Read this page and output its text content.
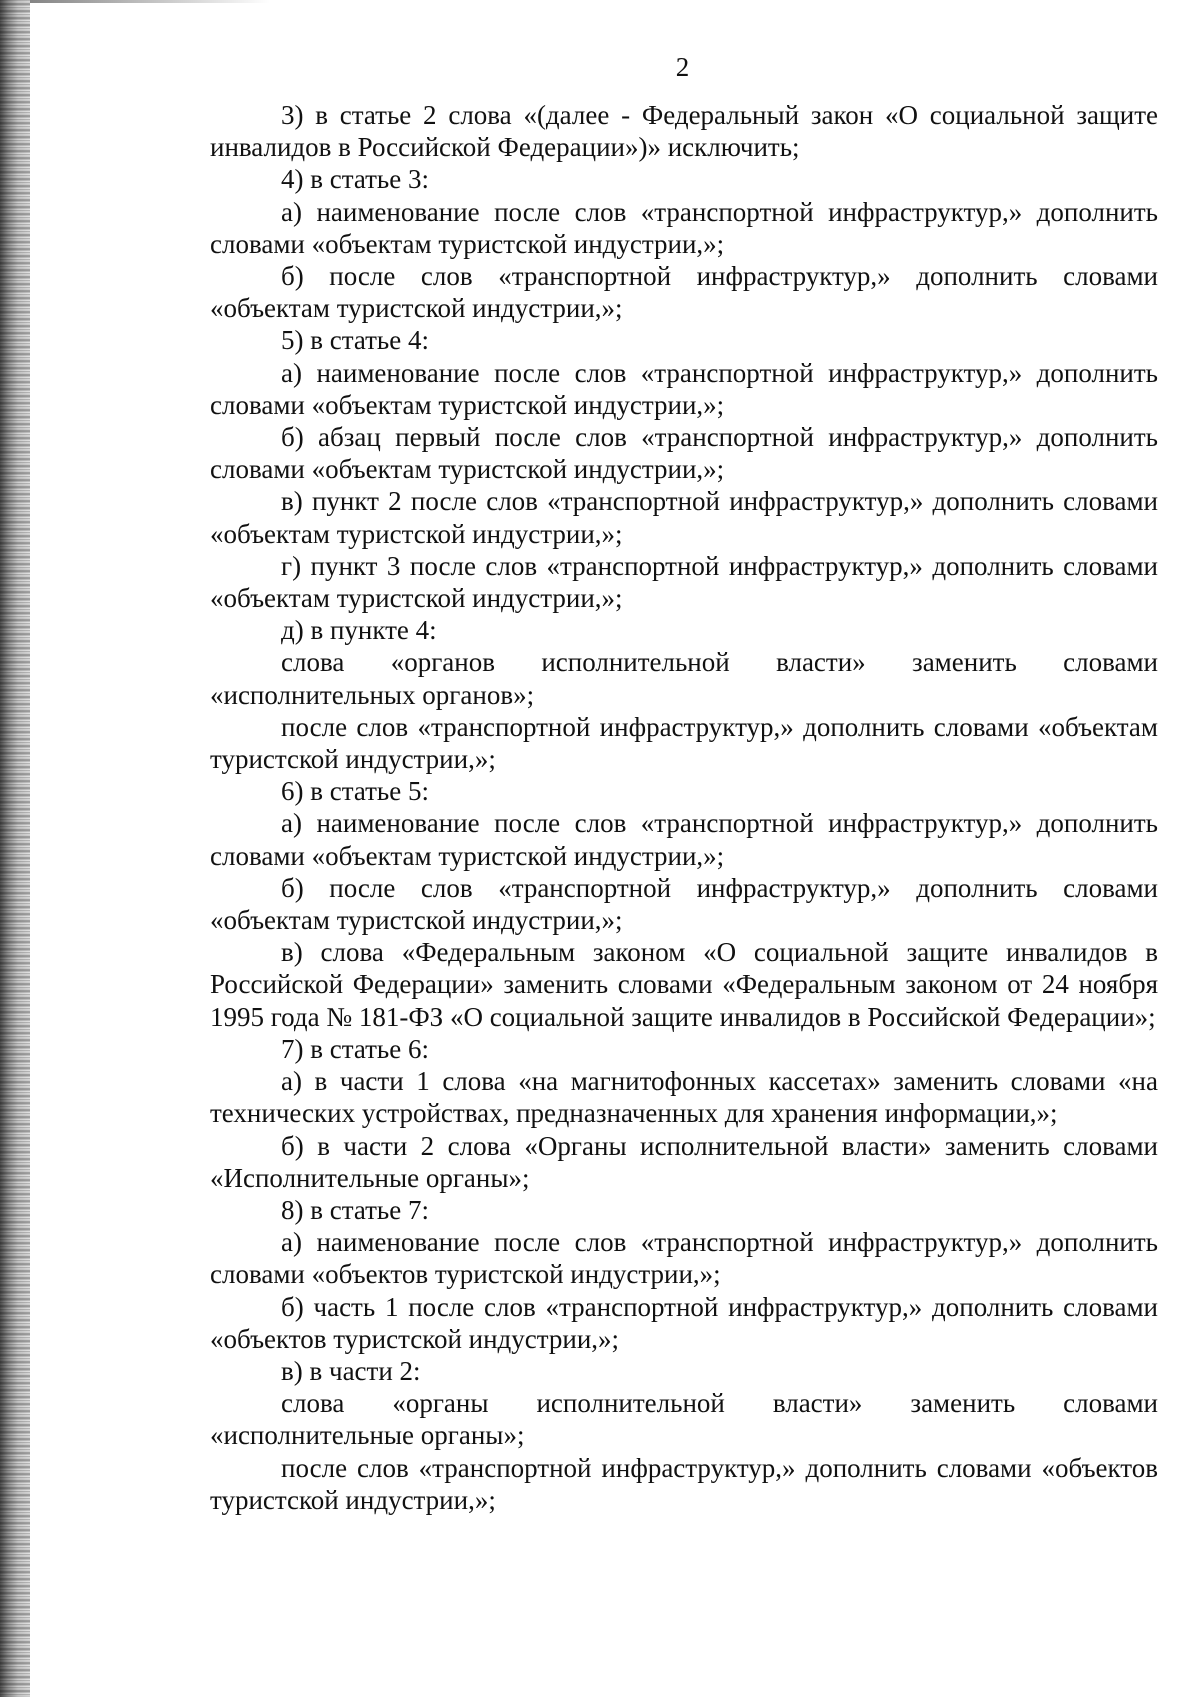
2

3) в статье 2 слова «(далее - Федеральный закон «О социальной защите инвалидов в Российской Федерации»)» исключить;

4) в статье 3:

а) наименование после слов «транспортной инфраструктур,» дополнить словами «объектам туристской индустрии,»;

б) после слов «транспортной инфраструктур,» дополнить словами «объектам туристской индустрии,»;

5) в статье 4:

а) наименование после слов «транспортной инфраструктур,» дополнить словами «объектам туристской индустрии,»;

б) абзац первый после слов «транспортной инфраструктур,» дополнить словами «объектам туристской индустрии,»;

в) пункт 2 после слов «транспортной инфраструктур,» дополнить словами «объектам туристской индустрии,»;

г) пункт 3 после слов «транспортной инфраструктур,» дополнить словами «объектам туристской индустрии,»;

д) в пункте 4:

слова «органов исполнительной власти» заменить словами «исполнительных органов»;

после слов «транспортной инфраструктур,» дополнить словами «объектам туристской индустрии,»;

6) в статье 5:

а) наименование после слов «транспортной инфраструктур,» дополнить словами «объектам туристской индустрии,»;

б) после слов «транспортной инфраструктур,» дополнить словами «объектам туристской индустрии,»;

в) слова «Федеральным законом «О социальной защите инвалидов в Российской Федерации» заменить словами «Федеральным законом от 24 ноября 1995 года № 181-ФЗ «О социальной защите инвалидов в Российской Федерации»;

7) в статье 6:

а) в части 1 слова «на магнитофонных кассетах» заменить словами «на технических устройствах, предназначенных для хранения информации,»;

б) в части 2 слова «Органы исполнительной власти» заменить словами «Исполнительные органы»;

8) в статье 7:

а) наименование после слов «транспортной инфраструктур,» дополнить словами «объектов туристской индустрии,»;

б) часть 1 после слов «транспортной инфраструктур,» дополнить словами «объектов туристской индустрии,»;

в) в части 2:

слова «органы исполнительной власти» заменить словами «исполнительные органы»;

после слов «транспортной инфраструктур,» дополнить словами «объектов туристской индустрии,»;
